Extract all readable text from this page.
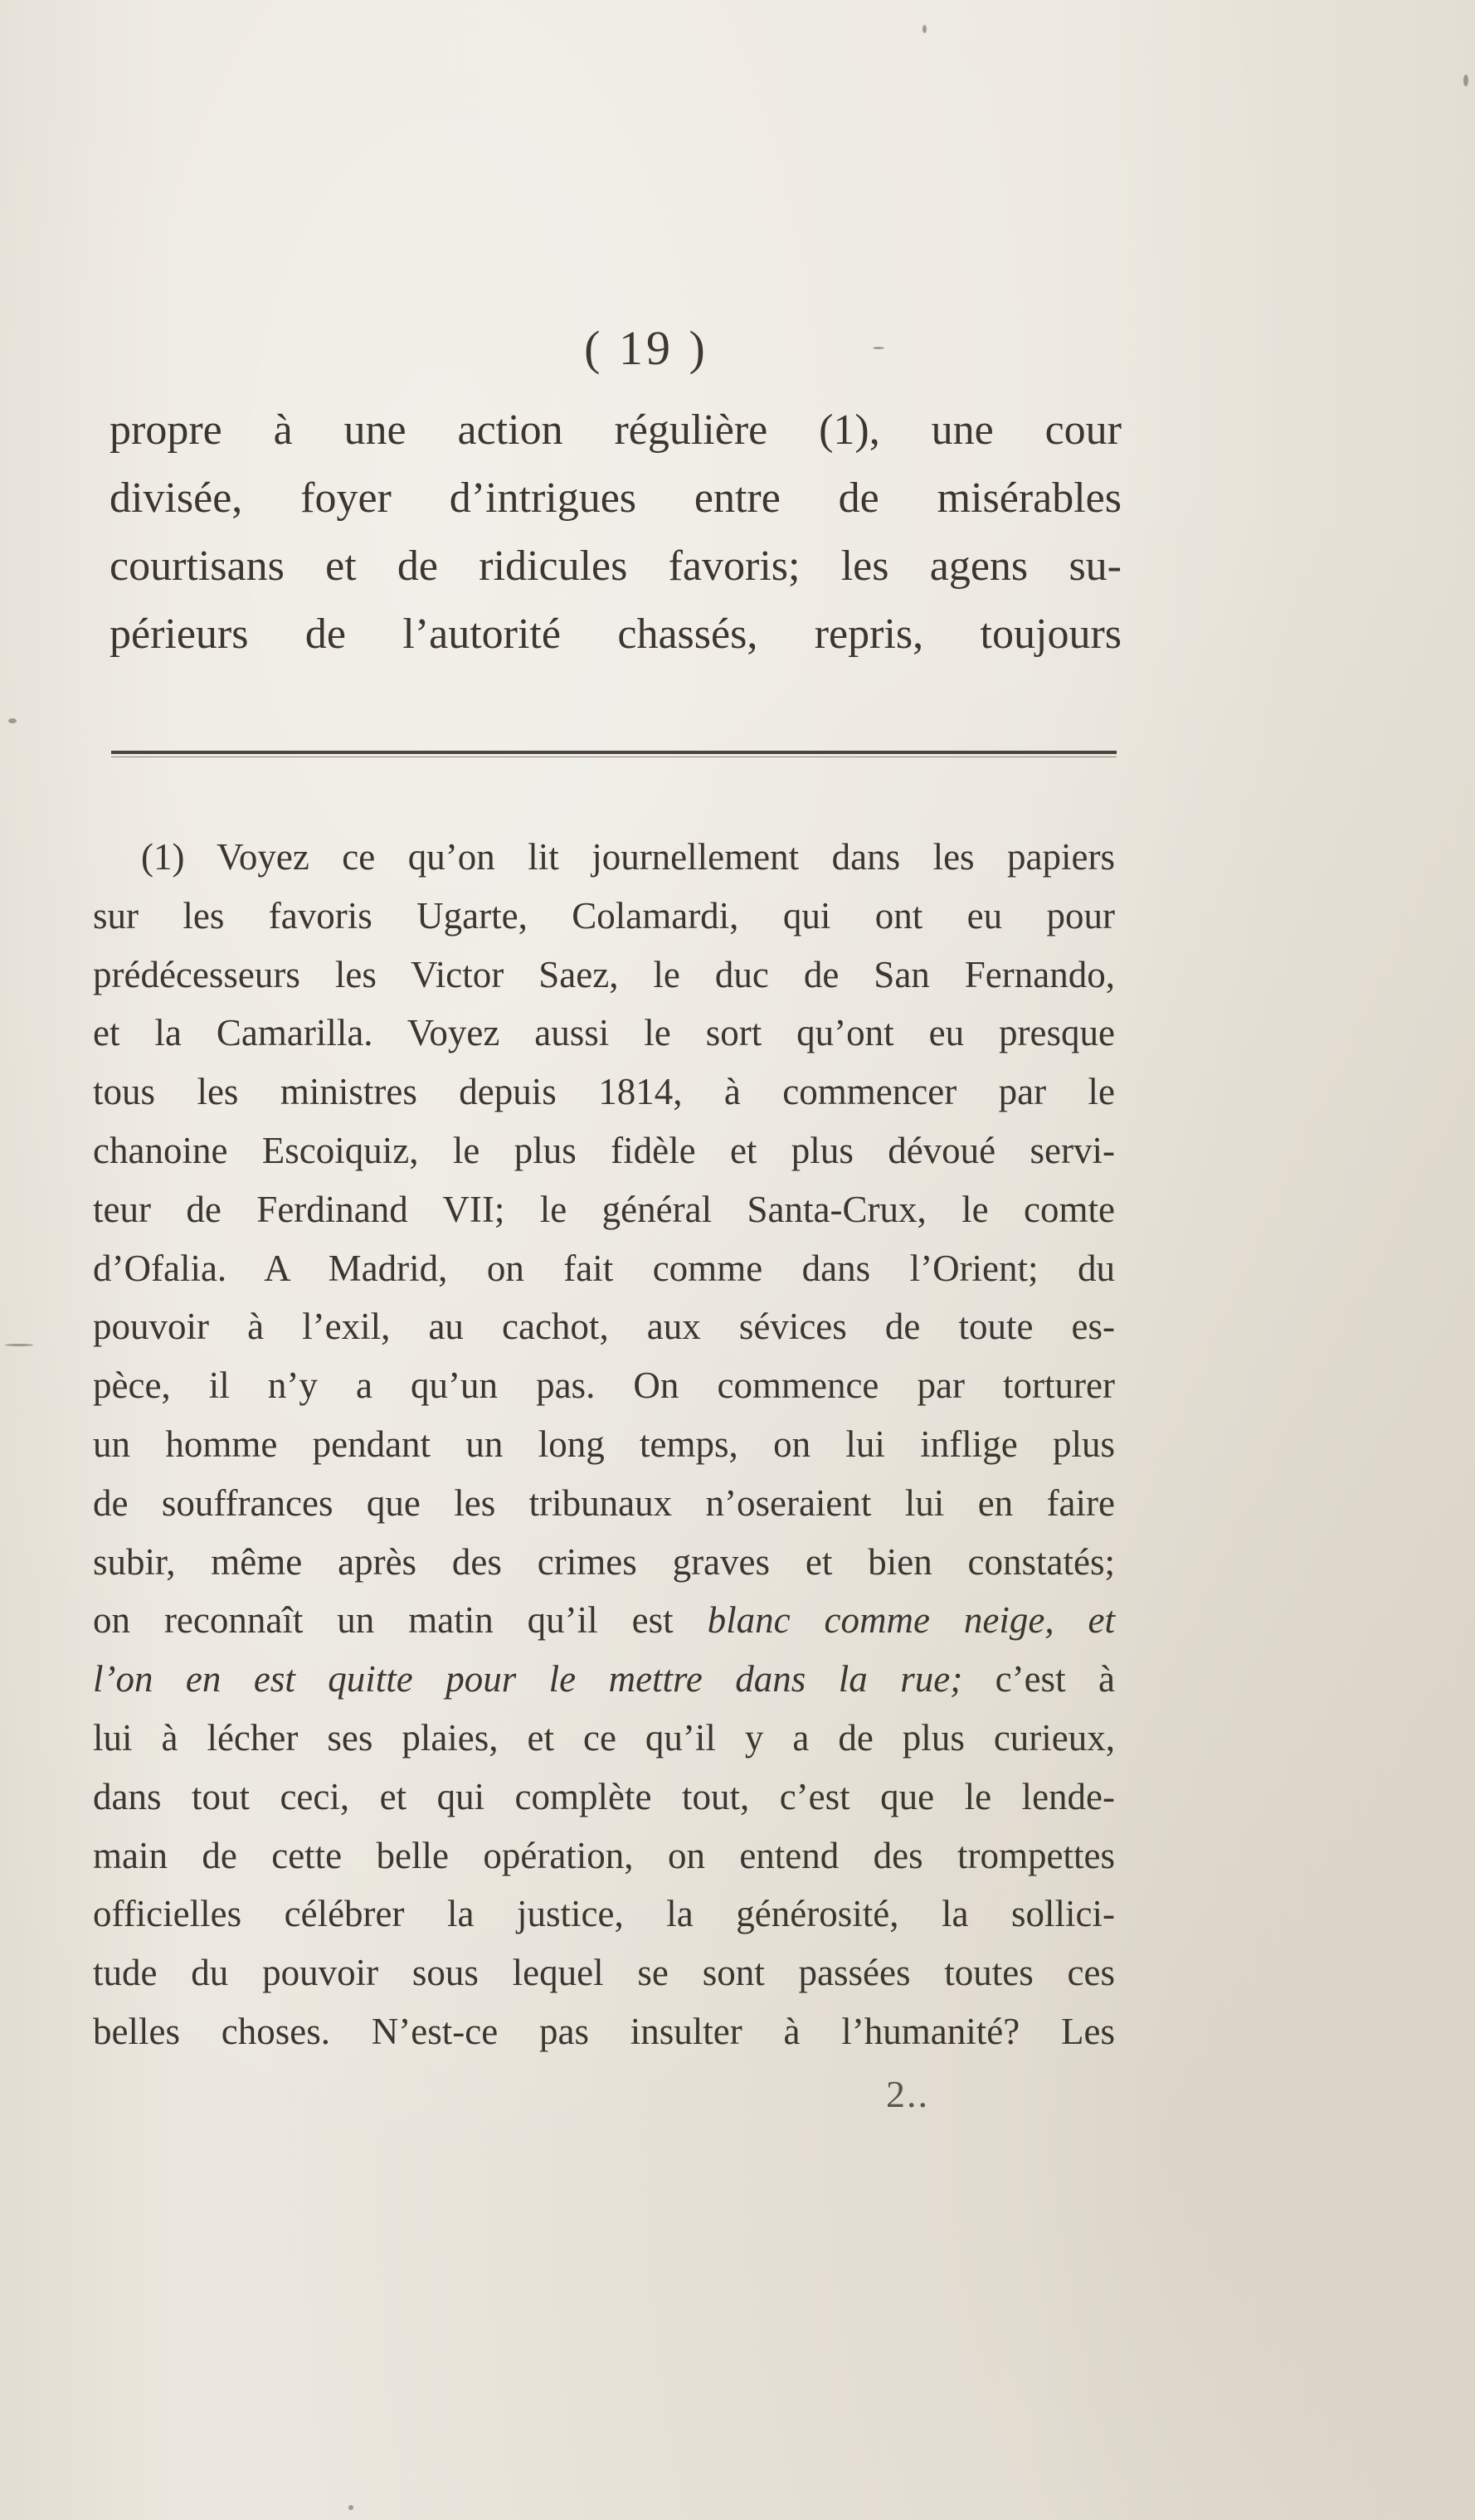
( 19 )
propre à une action régulière (1), une cour
divisée, foyer d’intrigues entre de misérables
courtisans et de ridicules favoris; les agens su-
périeurs de l’autorité chassés, repris, toujours
(1) Voyez ce qu’on lit journellement dans les papiers
sur les favoris Ugarte, Colamardi, qui ont eu pour
prédécesseurs les Victor Saez, le duc de San Fernando,
et la Camarilla. Voyez aussi le sort qu’ont eu presque
tous les ministres depuis 1814, à commencer par le
chanoine Escoiquiz, le plus fidèle et plus dévoué servi-
teur de Ferdinand VII; le général Santa-Crux, le comte
d’Ofalia. A Madrid, on fait comme dans l’Orient; du
pouvoir à l’exil, au cachot, aux sévices de toute es-
pèce, il n’y a qu’un pas. On commence par torturer
un homme pendant un long temps, on lui inflige plus
de souffrances que les tribunaux n’oseraient lui en faire
subir, même après des crimes graves et bien constatés;
on reconnaît un matin qu’il est blanc comme neige, et
l’on en est quitte pour le mettre dans la rue; c’est à
lui à lécher ses plaies, et ce qu’il y a de plus curieux,
dans tout ceci, et qui complète tout, c’est que le lende-
main de cette belle opération, on entend des trompettes
officielles célébrer la justice, la générosité, la sollici-
tude du pouvoir sous lequel se sont passées toutes ces
belles choses. N’est-ce pas insulter à l’humanité? Les
2..
